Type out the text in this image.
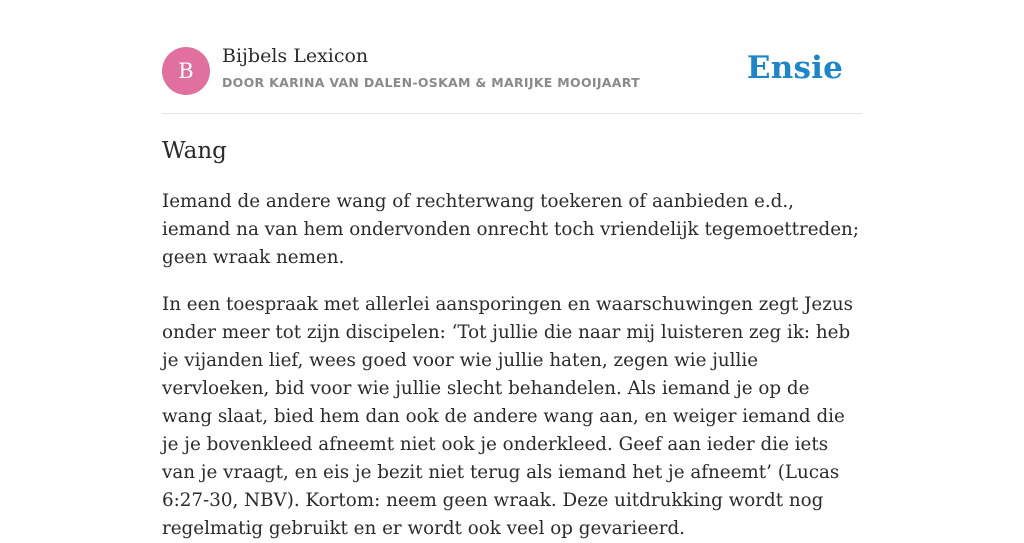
B
Bijbels Lexicon
DOOR KARINA VAN DALEN-OSKAM & MARIJKE MOOIJAART	Ensie
Wang

Iemand de andere wang of rechterwang toekeren of aanbieden e.d., iemand na van hem ondervonden onrecht toch vriendelijk tegemoettreden; geen wraak nemen.

In een toespraak met allerlei aansporingen en waarschuwingen zegt Jezus onder meer tot zijn discipelen: ‘Tot jullie die naar mij luisteren zeg ik: heb je vijanden lief, wees goed voor wie jullie haten, zegen wie jullie vervloeken, bid voor wie jullie slecht behandelen. Als iemand je op de wang slaat, bied hem dan ook de andere wang aan, en weiger iemand die je je bovenkleed afneemt niet ook je onderkleed. Geef aan ieder die iets van je vraagt, en eis je bezit niet terug als iemand het je afneemt’ (Lucas 6:27-30, NBV). Kortom: neem geen wraak. Deze uitdrukking wordt nog regelmatig gebruikt en er wordt ook veel op gevarieerd.
